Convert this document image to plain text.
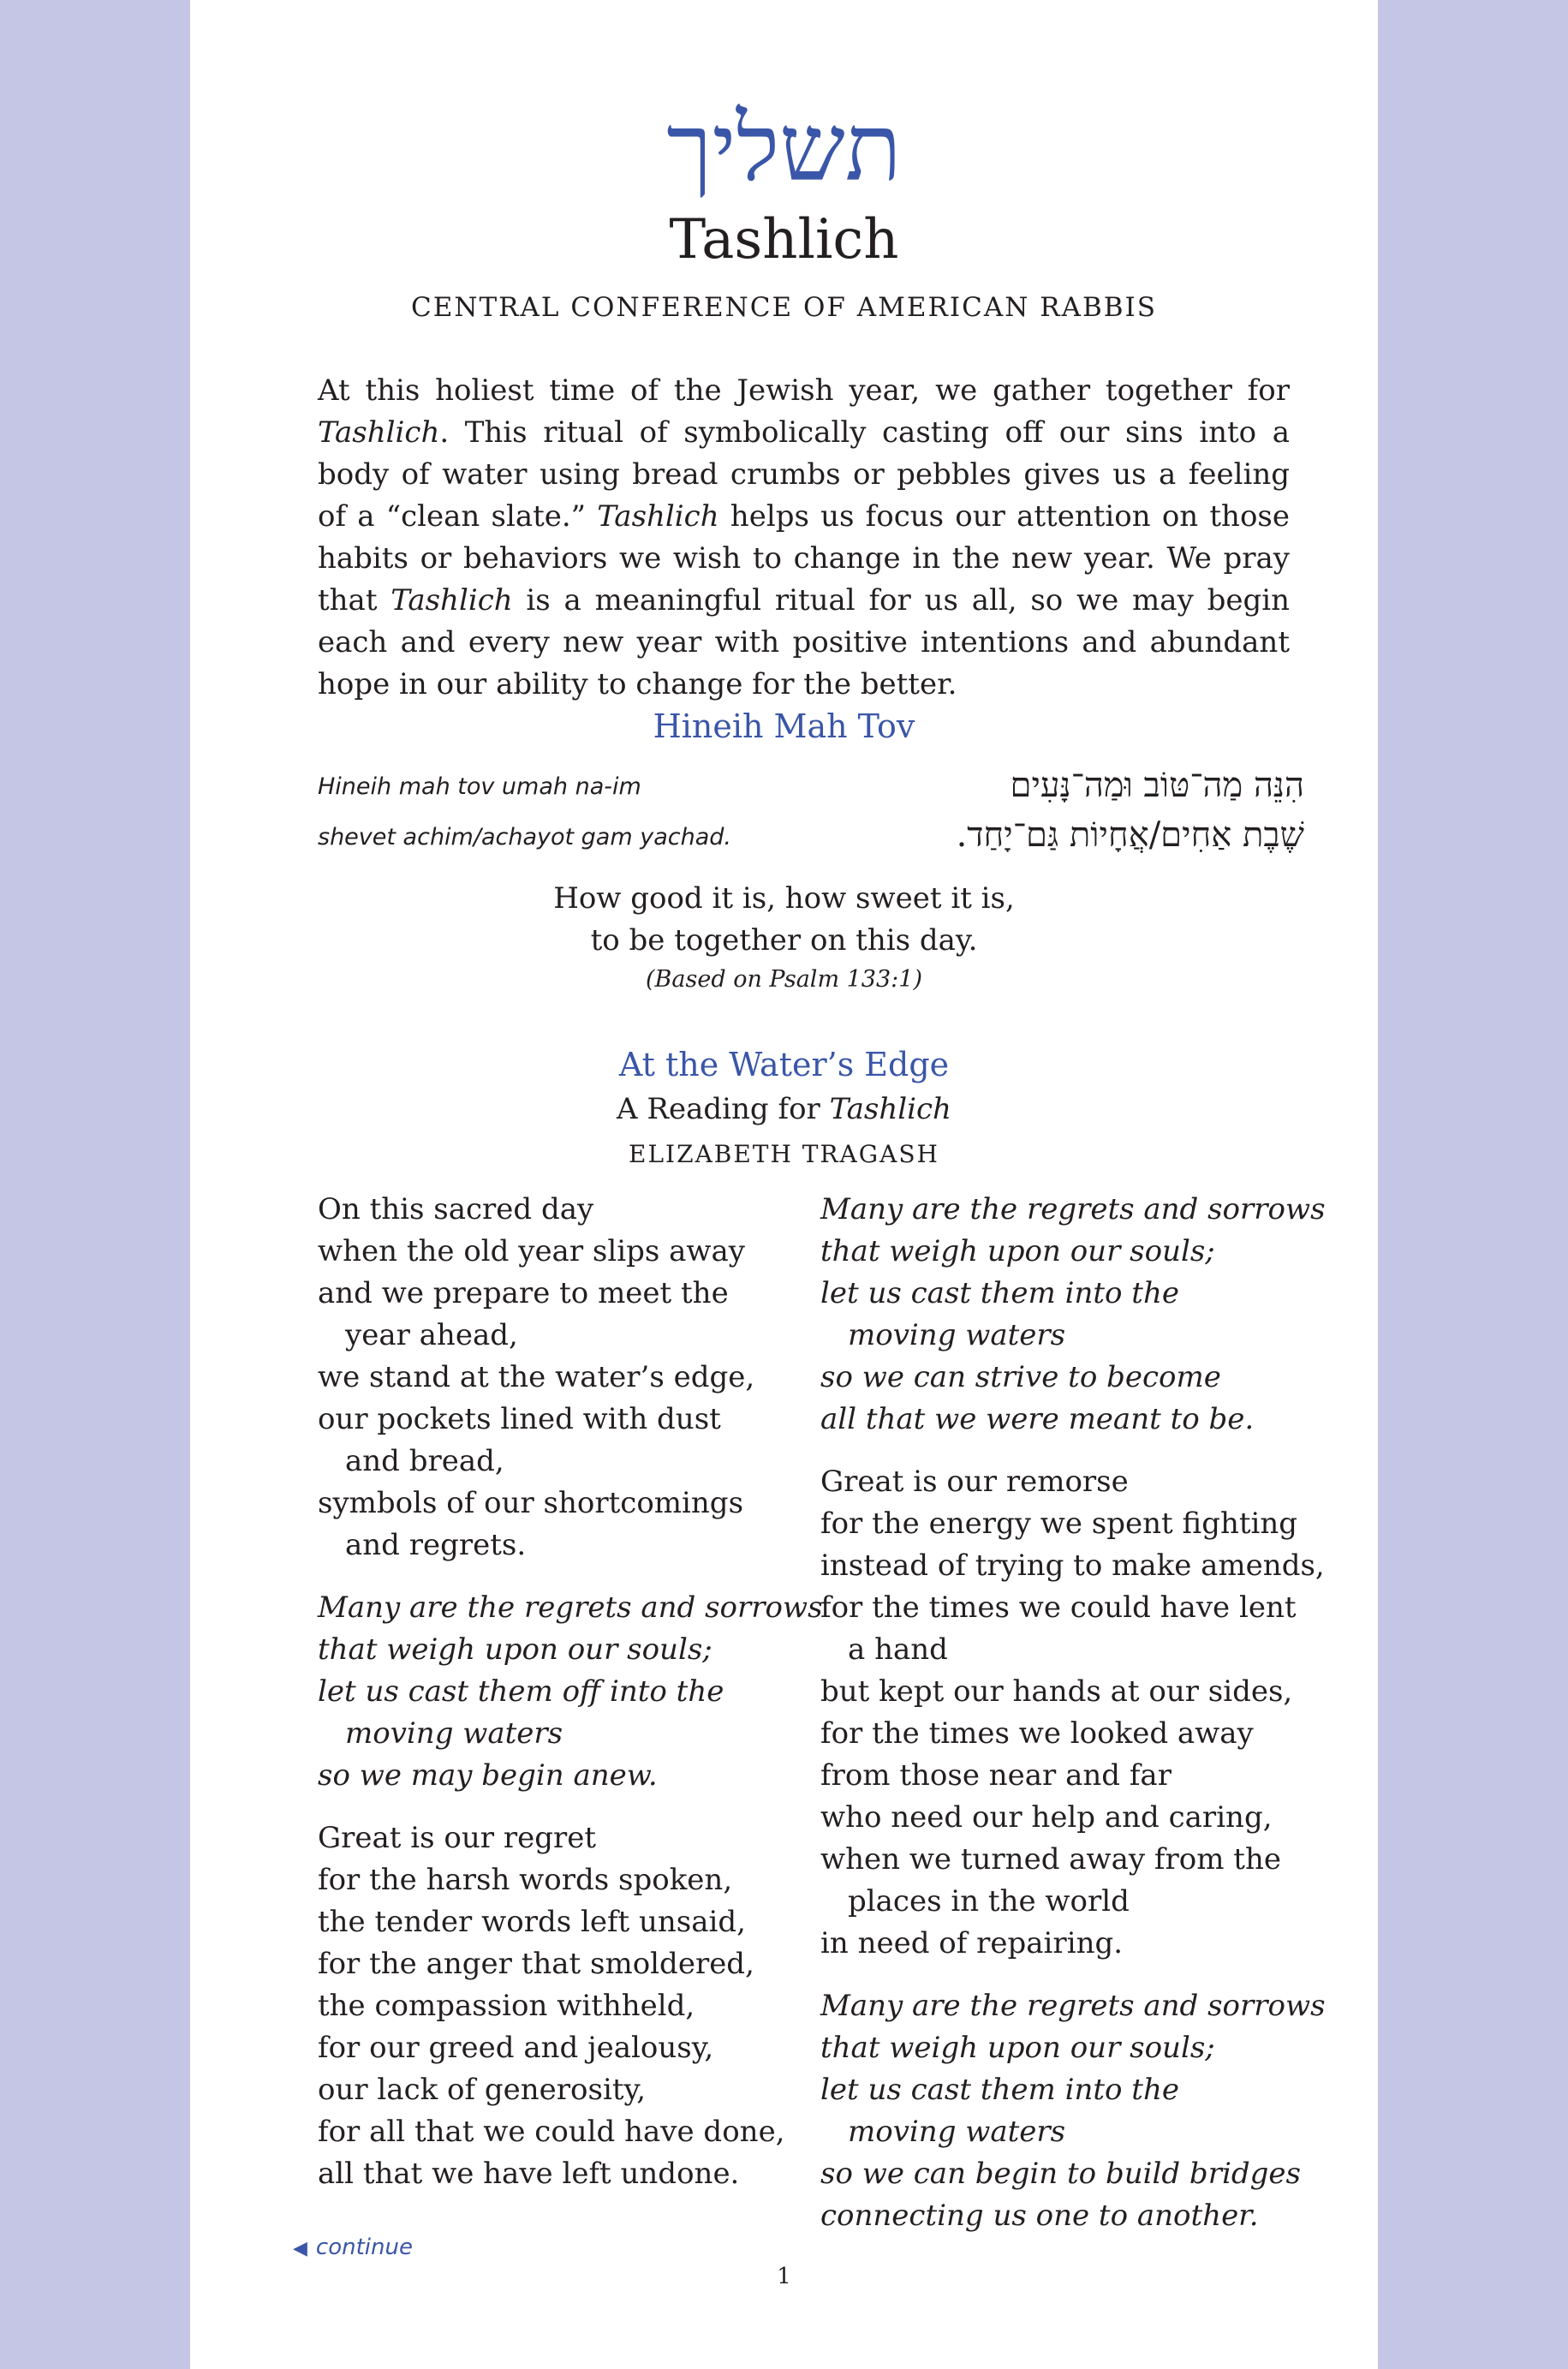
תשליך
Tashlich
CENTRAL CONFERENCE OF AMERICAN RABBIS

At this holiest time of the Jewish year, we gather together for Tashlich. This ritual of symbolically casting off our sins into a body of water using bread crumbs or pebbles gives us a feeling of a “clean slate.” Tashlich helps us focus our attention on those habits or behaviors we wish to change in the new year. We pray that Tashlich is a meaningful ritual for us all, so we may begin each and every new year with positive intentions and abundant hope in our ability to change for the better.

Hineih Mah Tov
Hineih mah tov umah na-im
shevet achim/achayot gam yachad.
הִנֵּה מַה־טּוֹב וּמַה־נָּעִים
שֶׁבֶת אַחִים/אֲחָיוֹת גַּם־יָחַד.
How good it is, how sweet it is,
to be together on this day.
(Based on Psalm 133:1)
At the Water’s Edge
A Reading for Tashlich
ELIZABETH TRAGASH
On this sacred day
when the old year slips away
and we prepare to meet the
year ahead,
we stand at the water’s edge,
our pockets lined with dust
and bread,
symbols of our shortcomings
and regrets.
Many are the regrets and sorrows
that weigh upon our souls;
let us cast them off into the
moving waters
so we may begin anew.
Great is our regret
for the harsh words spoken,
the tender words left unsaid,
for the anger that smoldered,
the compassion withheld,
for our greed and jealousy,
our lack of generosity,
for all that we could have done,
all that we have left undone.
Many are the regrets and sorrows
that weigh upon our souls;
let us cast them into the
moving waters
so we can strive to become
all that we were meant to be.
Great is our remorse
for the energy we spent fighting
instead of trying to make amends,
for the times we could have lent
a hand
but kept our hands at our sides,
for the times we looked away
from those near and far
who need our help and caring,
when we turned away from the
places in the world
in need of repairing.
Many are the regrets and sorrows
that weigh upon our souls;
let us cast them into the
moving waters
so we can begin to build bridges
connecting us one to another.
◀ continue
1
